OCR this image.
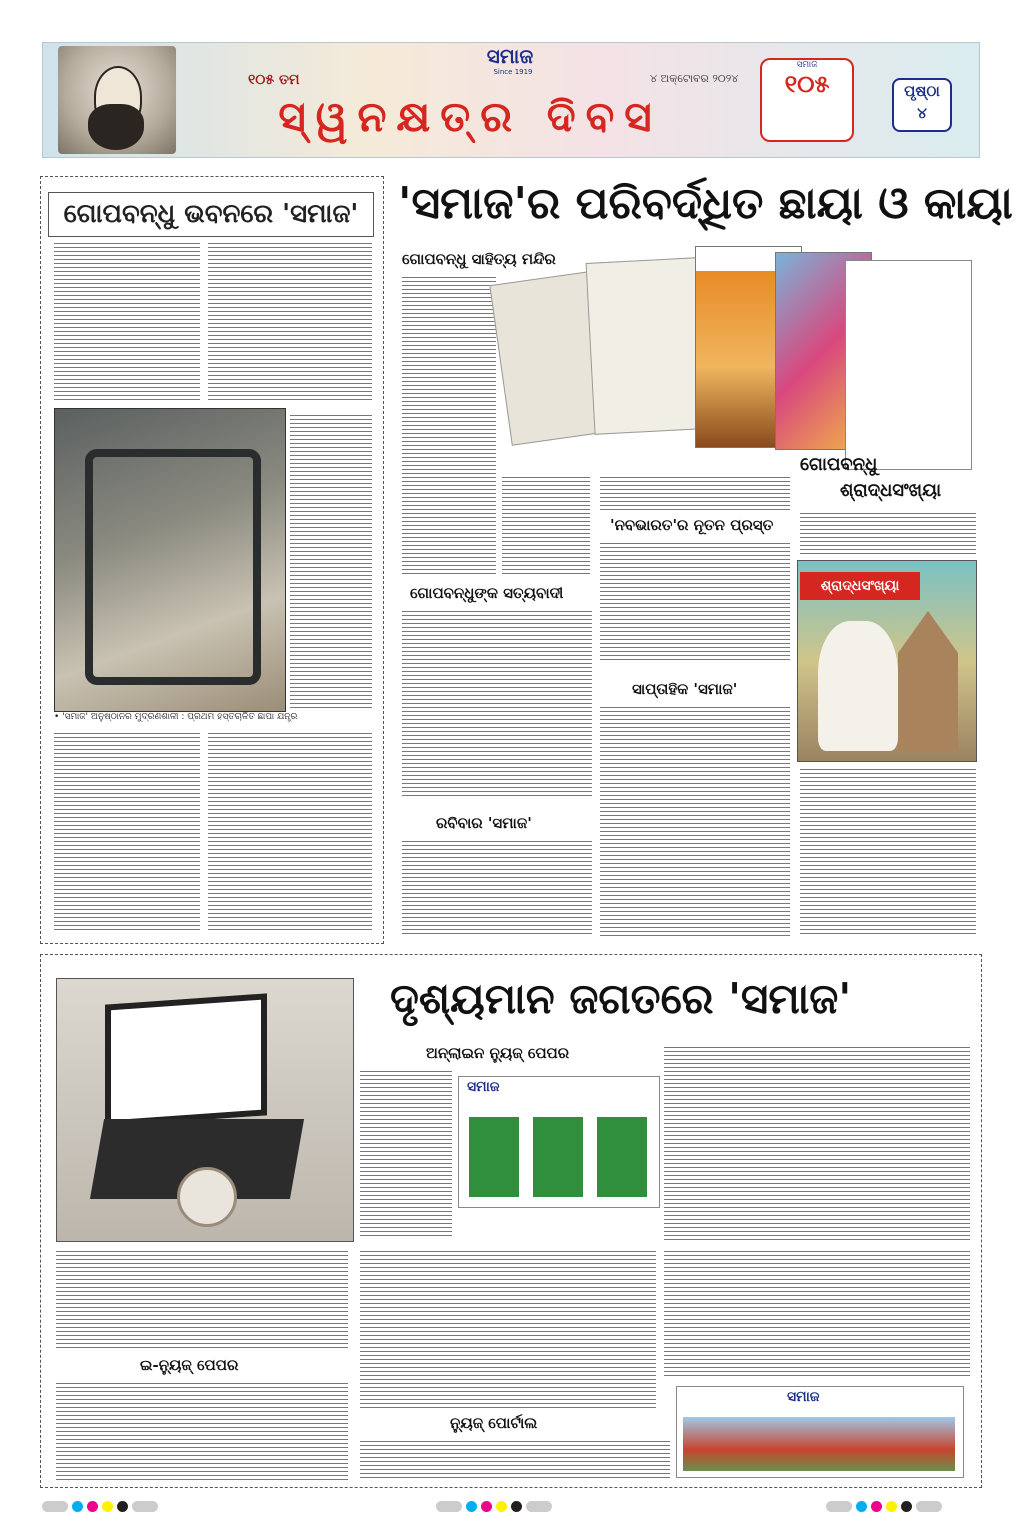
୧୦୫ ତମ
ସମାଜ
Since 1919
ସ୍ୱନକ୍ଷତ୍ର ଦିବସ
୪ ଅକ୍ଟୋବର ୨୦୨୪
ସମାଜ
୧୦୫	ପୃଷ୍ଠା
୪
ଗୋପବନ୍ଧୁ ଭବନରେ 'ସମାଜ'
• 'ସମାଜ' ଅନୁଷ୍ଠାନର ମୁଦ୍ରଣଶାଳୀ : ପ୍ରଥମ ହସ୍ତଚାଳିତ ଛାପା ଯନ୍ତ୍ର
'ସମାଜ'ର ପରିବର୍ଦ୍ଧିତ ଛାୟା ଓ କାୟା
ଗୋପବନ୍ଧୁ ସାହିତ୍ୟ ମନ୍ଦିର
'ନବଭାରତ'ର ନୂତନ ପ୍ରସ୍ତ
ଗୋପବନ୍ଧୁଙ୍କ ସତ୍ୟବାଦୀ
ସାପ୍ତାହିକ 'ସମାଜ'
ରବିବାର 'ସମାଜ'
ଗୋପବନ୍ଧୁ
ଶ୍ରାଦ୍ଧସଂଖ୍ୟା
ଶ୍ରାଦ୍ଧସଂଖ୍ୟା
ଦୃଶ୍ୟମାନ ଜଗତରେ 'ସମାଜ'
ଅନ୍‌ଲାଇନ ନ୍ୟୁଜ୍ ପେପର
ସମାଜ
ଇ-ନ୍ୟୁଜ୍ ପେପର
ନ୍ୟୁଜ୍ ପୋର୍ଟାଲ
ସମାଜ
